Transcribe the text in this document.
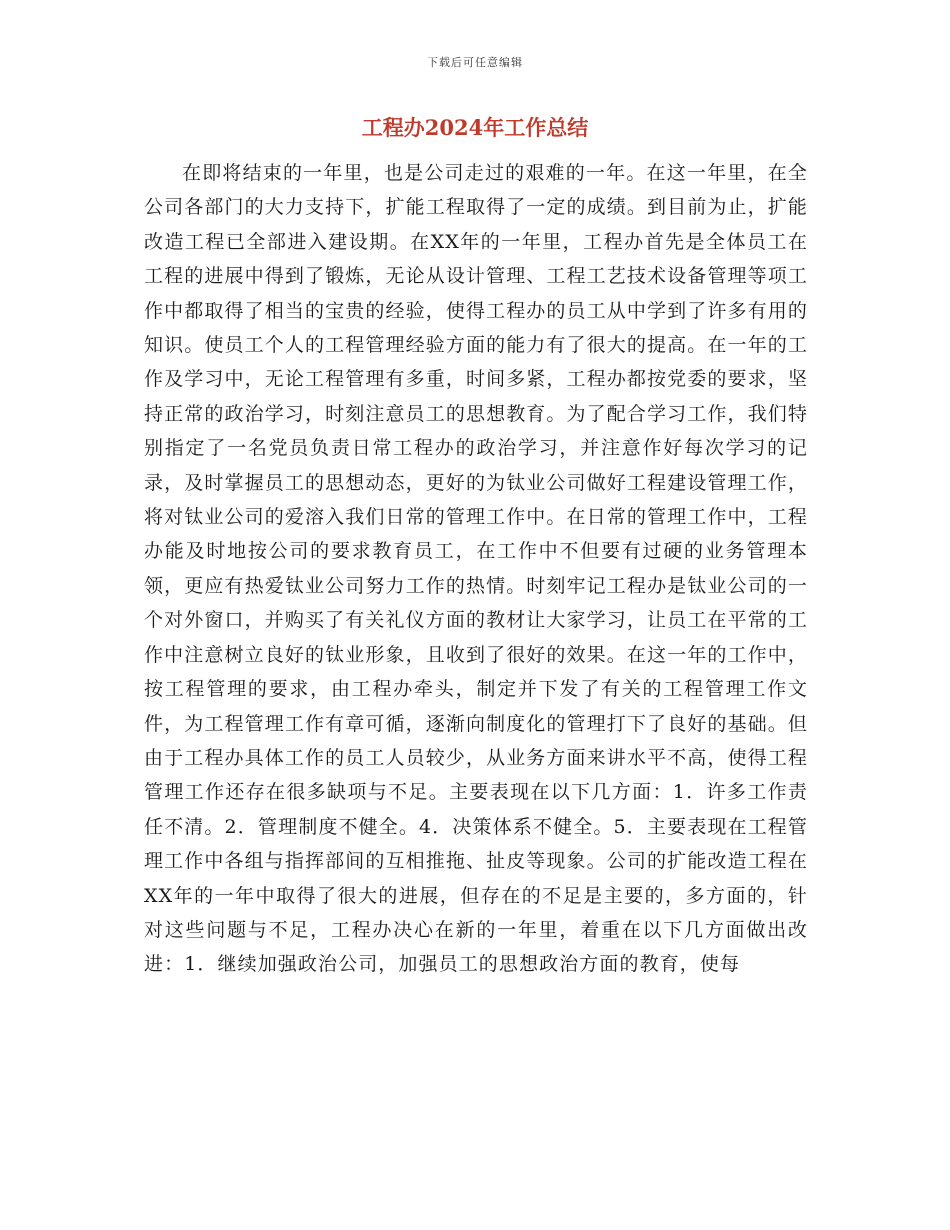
下载后可任意编辑
工程办2024年工作总结

在即将结束的一年里，也是公司走过的艰难的一年。在这一年里，在全公司各部门的大力支持下，扩能工程取得了一定的成绩。到目前为止，扩能改造工程已全部进入建设期。在XX年的一年里，工程办首先是全体员工在工程的进展中得到了锻炼，无论从设计管理、工程工艺技术设备管理等项工作中都取得了相当的宝贵的经验，使得工程办的员工从中学到了许多有用的知识。使员工个人的工程管理经验方面的能力有了很大的提高。在一年的工作及学习中，无论工程管理有多重，时间多紧，工程办都按党委的要求，坚持正常的政治学习，时刻注意员工的思想教育。为了配合学习工作，我们特别指定了一名党员负责日常工程办的政治学习，并注意作好每次学习的记录，及时掌握员工的思想动态，更好的为钛业公司做好工程建设管理工作，将对钛业公司的爱溶入我们日常的管理工作中。在日常的管理工作中，工程办能及时地按公司的要求教育员工，在工作中不但要有过硬的业务管理本领，更应有热爱钛业公司努力工作的热情。时刻牢记工程办是钛业公司的一个对外窗口，并购买了有关礼仪方面的教材让大家学习，让员工在平常的工作中注意树立良好的钛业形象，且收到了很好的效果。在这一年的工作中，按工程管理的要求，由工程办牵头，制定并下发了有关的工程管理工作文件，为工程管理工作有章可循，逐渐向制度化的管理打下了良好的基础。但由于工程办具体工作的员工人员较少，从业务方面来讲水平不高，使得工程管理工作还存在很多缺项与不足。主要表现在以下几方面：1．许多工作责任不清。2．管理制度不健全。4．决策体系不健全。5．主要表现在工程管理工作中各组与指挥部间的互相推拖、扯皮等现象。公司的扩能改造工程在XX年的一年中取得了很大的进展，但存在的不足是主要的，多方面的，针对这些问题与不足，工程办决心在新的一年里，着重在以下几方面做出改进：1．继续加强政治公司，加强员工的思想政治方面的教育，使每
